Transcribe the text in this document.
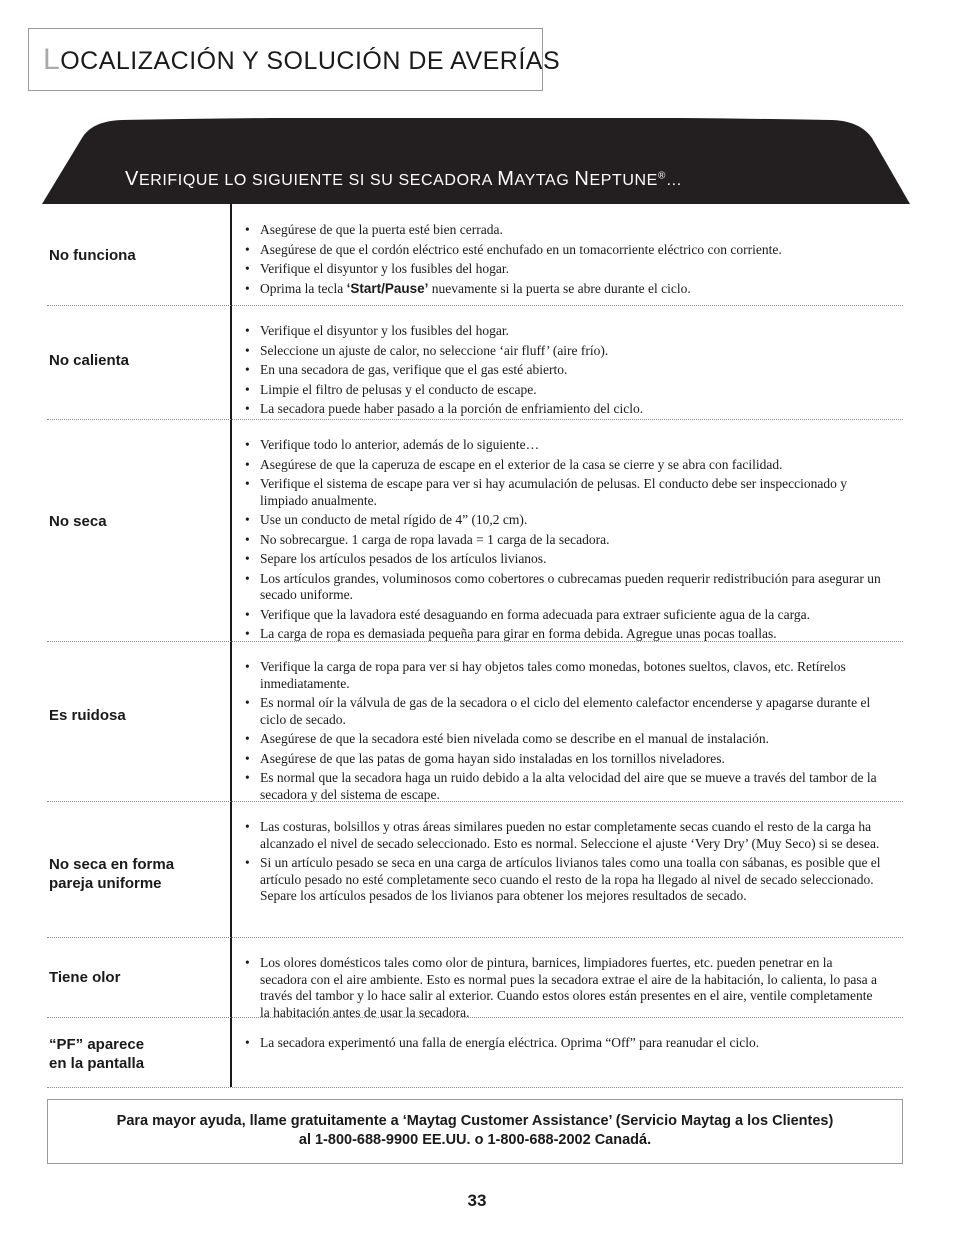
LOCALIZACIÓN Y SOLUCIÓN DE AVERÍAS
VERIFIQUE LO SIGUIENTE SI SU SECADORA MAYTAG NEPTUNE®…
No funciona
• Asegúrese de que la puerta esté bien cerrada.
• Asegúrese de que el cordón eléctrico esté enchufado en un tomacorriente eléctrico con corriente.
• Verifique el disyuntor y los fusibles del hogar.
• Oprima la tecla ‘Start/Pause’ nuevamente si la puerta se abre durante el ciclo.
No calienta
• Verifique el disyuntor y los fusibles del hogar.
• Seleccione un ajuste de calor, no seleccione ‘air fluff’ (aire frío).
• En una secadora de gas, verifique que el gas esté abierto.
• Limpie el filtro de pelusas y el conducto de escape.
• La secadora puede haber pasado a la porción de enfriamiento del ciclo.
No seca
• Verifique todo lo anterior, además de lo siguiente…
• Asegúrese de que la caperuza de escape en el exterior de la casa se cierre y se abra con facilidad.
• Verifique el sistema de escape para ver si hay acumulación de pelusas. El conducto debe ser inspeccionado y limpiado anualmente.
• Use un conducto de metal rígido de 4” (10,2 cm).
• No sobrecargue. 1 carga de ropa lavada = 1 carga de la secadora.
• Separe los artículos pesados de los artículos livianos.
• Los artículos grandes, voluminosos como cobertores o cubrecamas pueden requerir redistribución para asegurar un secado uniforme.
• Verifique que la lavadora esté desaguando en forma adecuada para extraer suficiente agua de la carga.
• La carga de ropa es demasiada pequeña para girar en forma debida. Agregue unas pocas toallas.
Es ruidosa
• Verifique la carga de ropa para ver si hay objetos tales como monedas, botones sueltos, clavos, etc. Retírelos inmediatamente.
• Es normal oír la válvula de gas de la secadora o el ciclo del elemento calefactor encenderse y apagarse durante el ciclo de secado.
• Asegúrese de que la secadora esté bien nivelada como se describe en el manual de instalación.
• Asegúrese de que las patas de goma hayan sido instaladas en los tornillos niveladores.
• Es normal que la secadora haga un ruido debido a la alta velocidad del aire que se mueve a través del tambor de la secadora y del sistema de escape.
No seca en forma
pareja uniforme
• Las costuras, bolsillos y otras áreas similares pueden no estar completamente secas cuando el resto de la carga ha alcanzado el nivel de secado seleccionado. Esto es normal. Seleccione el ajuste ‘Very Dry’ (Muy Seco) si se desea.
• Si un artículo pesado se seca en una carga de artículos livianos tales como una toalla con sábanas, es posible que el artículo pesado no esté completamente seco cuando el resto de la ropa ha llegado al nivel de secado seleccionado. Separe los artículos pesados de los livianos para obtener los mejores resultados de secado.
Tiene olor
• Los olores domésticos tales como olor de pintura, barnices, limpiadores fuertes, etc. pueden penetrar en la secadora con el aire ambiente. Esto es normal pues la secadora extrae el aire de la habitación, lo calienta, lo pasa a través del tambor y lo hace salir al exterior. Cuando estos olores están presentes en el aire, ventile completamente la habitación antes de usar la secadora.
“PF” aparece
en la pantalla
• La secadora experimentó una falla de energía eléctrica. Oprima “Off” para reanudar el ciclo.
Para mayor ayuda, llame gratuitamente a ‘Maytag Customer Assistance’ (Servicio Maytag a los Clientes)
al 1-800-688-9900 EE.UU. o 1-800-688-2002 Canadá.
33
